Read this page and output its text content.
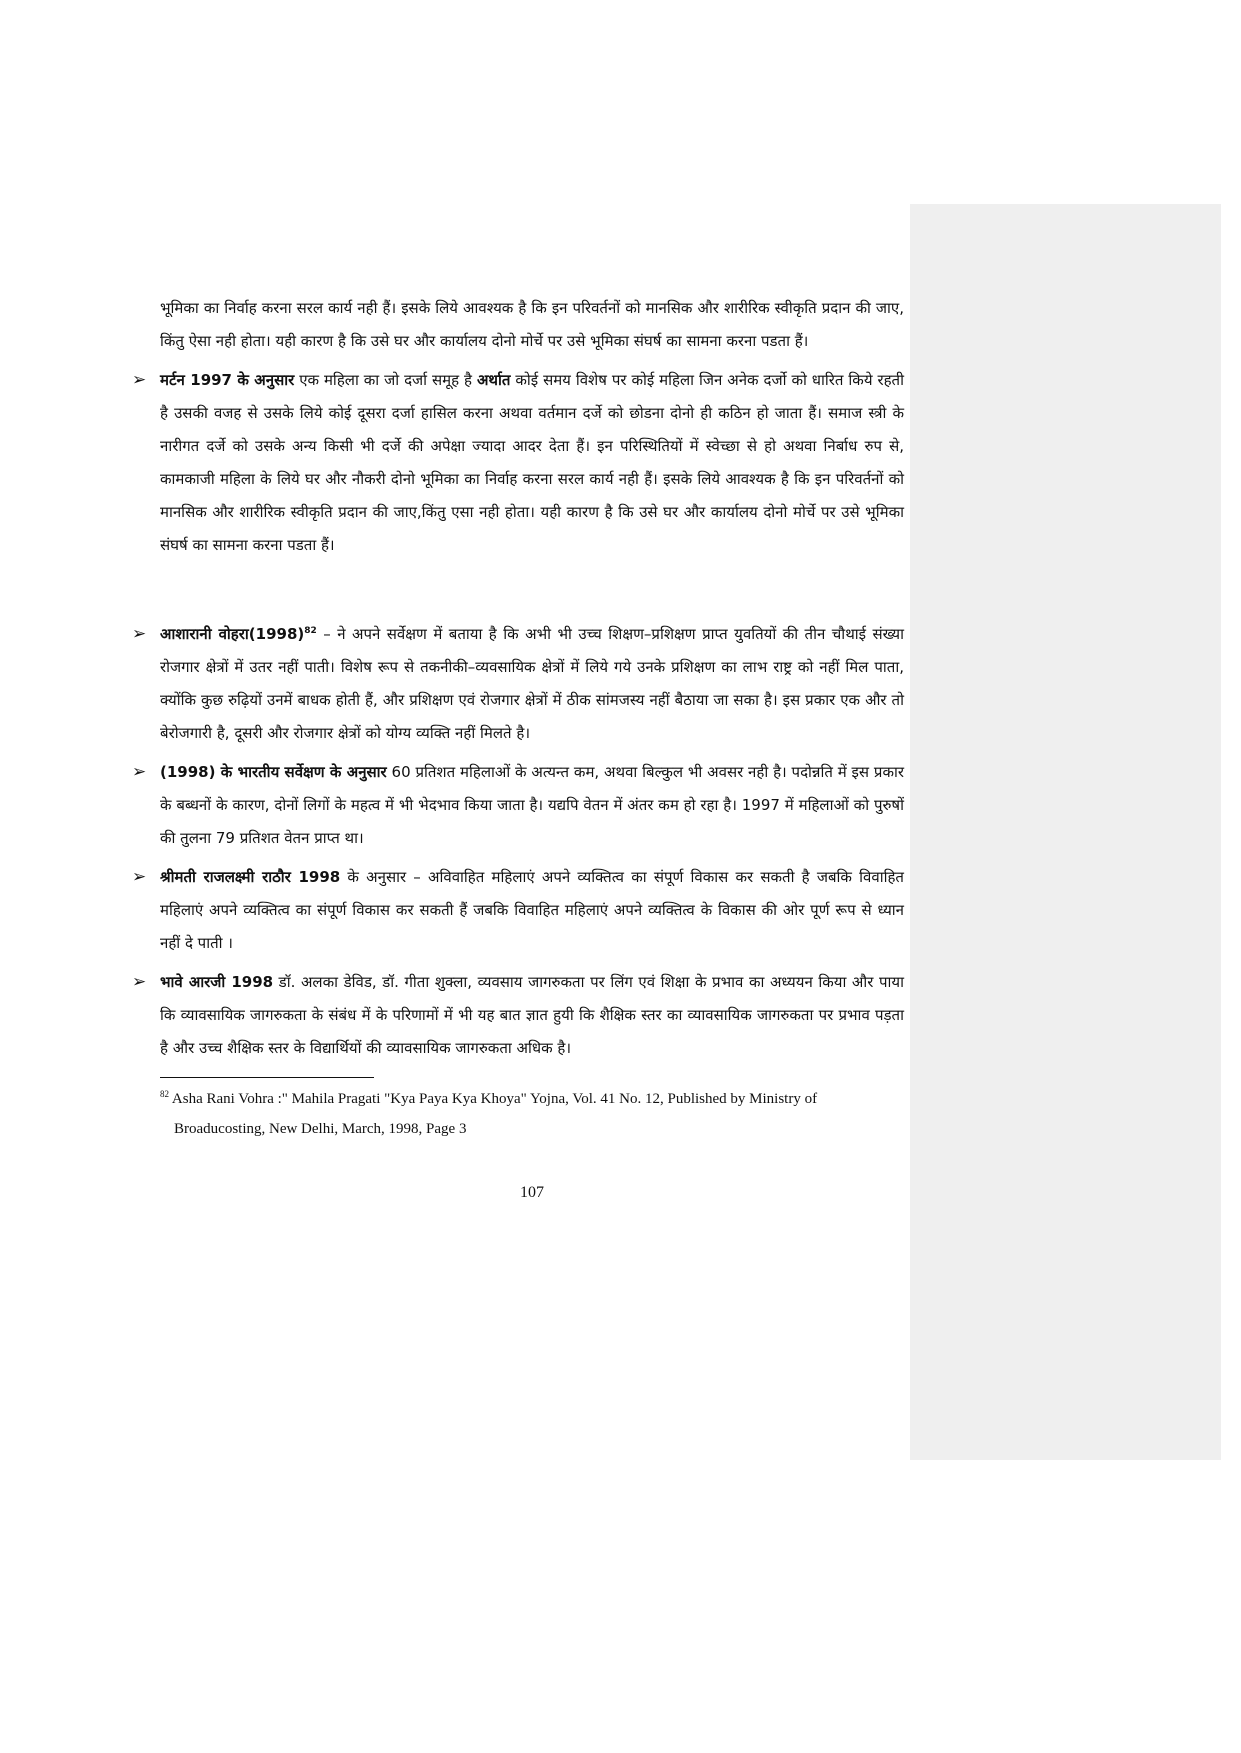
भूमिका का निर्वाह करना सरल कार्य नही हैं। इसके लिये आवश्यक है कि इन परिवर्तनों को मानसिक और शारीरिक स्वीकृति प्रदान की जाए, किंतु ऐसा नही होता। यही कारण है कि उसे घर और कार्यालय दोनो मोर्चे पर उसे भूमिका संघर्ष का सामना करना पडता हैं।

➢ मर्टन 1997 के अनुसार एक महिला का जो दर्जा समूह है अर्थात कोई समय विशेष पर कोई महिला जिन अनेक दर्जो को धारित किये रहती है उसकी वजह से उसके लिये कोई दूसरा दर्जा हासिल करना अथवा वर्तमान दर्जे को छोडना दोनो ही कठिन हो जाता हैं। समाज स्त्री के नारीगत दर्जे को उसके अन्य किसी भी दर्जे की अपेक्षा ज्यादा आदर देता हैं। इन परिस्थितियों में स्वेच्छा से हो अथवा निर्बाध रुप से, कामकाजी महिला के लिये घर और नौकरी दोनो भूमिका का निर्वाह करना सरल कार्य नही हैं। इसके लिये आवश्यक है कि इन परिवर्तनों को मानसिक और शारीरिक स्वीकृति प्रदान की जाए,किंतु एसा नही होता। यही कारण है कि उसे घर और कार्यालय दोनो मोर्चे पर उसे भूमिका संघर्ष का सामना करना पडता हैं।
➢ आशारानी $वोहरा(1998)^{82}$ – ने अपने सर्वेक्षण में बताया है कि अभी भी उच्च शिक्षण–प्रशिक्षण प्राप्त युवतियों की तीन चौथाई संख्या रोजगार क्षेत्रों में उतर नहीं पाती। विशेष रूप से तकनीकी–व्यवसायिक क्षेत्रों में लिये गये उनके प्रशिक्षण का लाभ राष्ट्र को नहीं मिल पाता, क्योंकि कुछ रुढ़ियों उनमें बाधक होती हैं, और प्रशिक्षण एवं रोजगार क्षेत्रों में ठीक सांमजस्य नहीं बैठाया जा सका है। इस प्रकार एक और तो बेरोजगारी है, दूसरी और रोजगार क्षेत्रों को योग्य व्यक्ति नहीं मिलते है।
➢ (1998) के भारतीय सर्वेक्षण के अनुसार 60 प्रतिशत महिलाओं के अत्यन्त कम, अथवा बिल्कुल भी अवसर नही है। पदोन्नति में इस प्रकार के बब्धनों के कारण, दोनों लिगों के महत्व में भी भेदभाव किया जाता है। यद्यपि वेतन में अंतर कम हो रहा है। 1997 में महिलाओं को पुरुषों की तुलना 79 प्रतिशत वेतन प्राप्त था।
➢ श्रीमती राजलक्ष्मी राठौर 1998 के अनुसार – अविवाहित महिलाएं अपने व्यक्तित्व का संपूर्ण विकास कर सकती है जबकि विवाहित महिलाएं अपने व्यक्तित्व का संपूर्ण विकास कर सकती हैं जबकि विवाहित महिलाएं अपने व्यक्तित्व के विकास की ओर पूर्ण रूप से ध्यान नहीं दे पाती ।
➢ भावे आरजी 1998 डॉ. अलका डेविड, डॉ. गीता शुक्ला, व्यवसाय जागरुकता पर लिंग एवं शिक्षा के प्रभाव का अध्ययन किया और पाया कि व्यावसायिक जागरुकता के संबंध में के परिणामों में भी यह बात ज्ञात हुयी कि शैक्षिक स्तर का व्यावसायिक जागरुकता पर प्रभाव पड़ता है और उच्च शैक्षिक स्तर के विद्यार्थियों की व्यावसायिक जागरुकता अधिक है।
$^{82}$ Asha Rani Vohra :" Mahila Pragati "Kya Paya Kya Khoya" Yojna, Vol. 41 No. 12, Published by Ministry of Broaducosting, New Delhi, March, 1998, Page 3
107
